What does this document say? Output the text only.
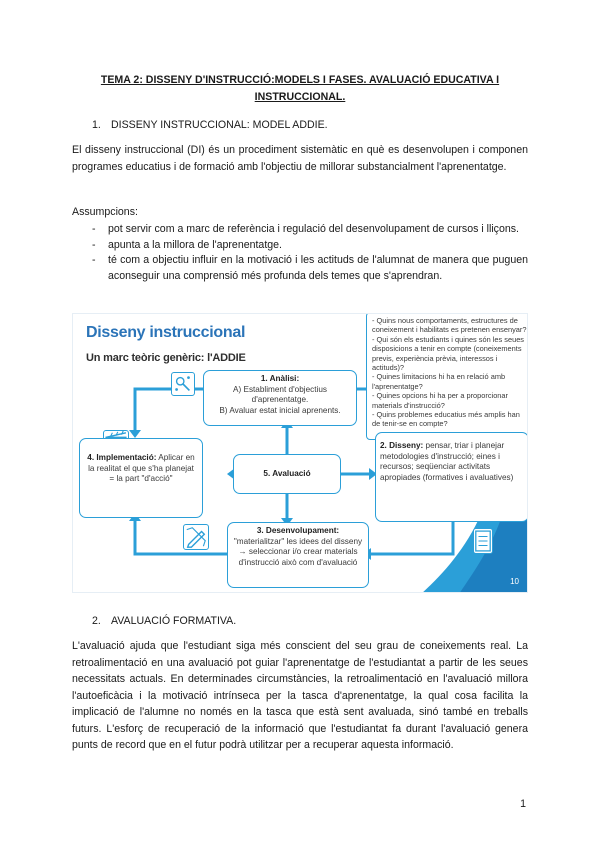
TEMA 2: DISSENY D'INSTRUCCIÓ:MODELS I FASES. AVALUACIÓ EDUCATIVA I
INSTRUCCIONAL.
1. DISSENY INSTRUCCIONAL: MODEL ADDIE.

El disseny instruccional (DI) és un procediment sistemàtic en què es desenvolupen i componen programes educatius i de formació amb l'objectiu de millorar substancialment l'aprenentatge.

Assumpcions:
- pot servir com a marc de referència i regulació del desenvolupament de cursos i lliçons.
- apunta a la millora de l'aprenentatge.
- té com a objectiu influir en la motivació i les actituds de l'alumnat de manera que puguen aconseguir una comprensió més profunda dels temes que s'aprendran.
Disseny instruccional
Un marc teòric genèric: l'ADDIE
1. Anàlisi:
A) Establiment d'objectius d'aprenentatge.
B) Avaluar estat inicial aprenents.
- Quins nous comportaments, estructures de coneixement i habilitats es pretenen ensenyar?
- Qui són els estudiants i quines són les seues disposicions a tenir en compte (coneixements previs, experiència prèvia, interessos i actituds)?
- Quines limitacions hi ha en relació amb l'aprenentatge?
- Quines opcions hi ha per a proporcionar materials d'instrucció?
- Quins problemes educatius més amplis han de tenir-se en compte?
4. Implementació: Aplicar en la realitat el que s'ha planejat
= la part "d'acció"
5. Avaluació
2. Disseny: pensar, triar i planejar metodologies d'instrucció; eines i recursos; seqüenciar activitats apropiades (formatives i avaluatives)
3. Desenvolupament:
"materialitzar" les idees del disseny → seleccionar i/o crear materials d'instrucció això com d'avaluació
10
2. AVALUACIÓ FORMATIVA.

L'avaluació ajuda que l'estudiant siga més conscient del seu grau de coneixements real. La retroalimentació en una avaluació pot guiar l'aprenentatge de l'estudiantat a partir de les seues necessitats actuals. En determinades circumstàncies, la retroalimentació en l'avaluació millora l'autoeficàcia i la motivació intrínseca per la tasca d'aprenentatge, la qual cosa facilita la implicació de l'alumne no només en la tasca que està sent avaluada, sinó també en treballs futurs. L'esforç de recuperació de la informació que l'estudiantat fa durant l'avaluació genera punts de record que en el futur podrà utilitzar per a recuperar aquesta informació.

1
